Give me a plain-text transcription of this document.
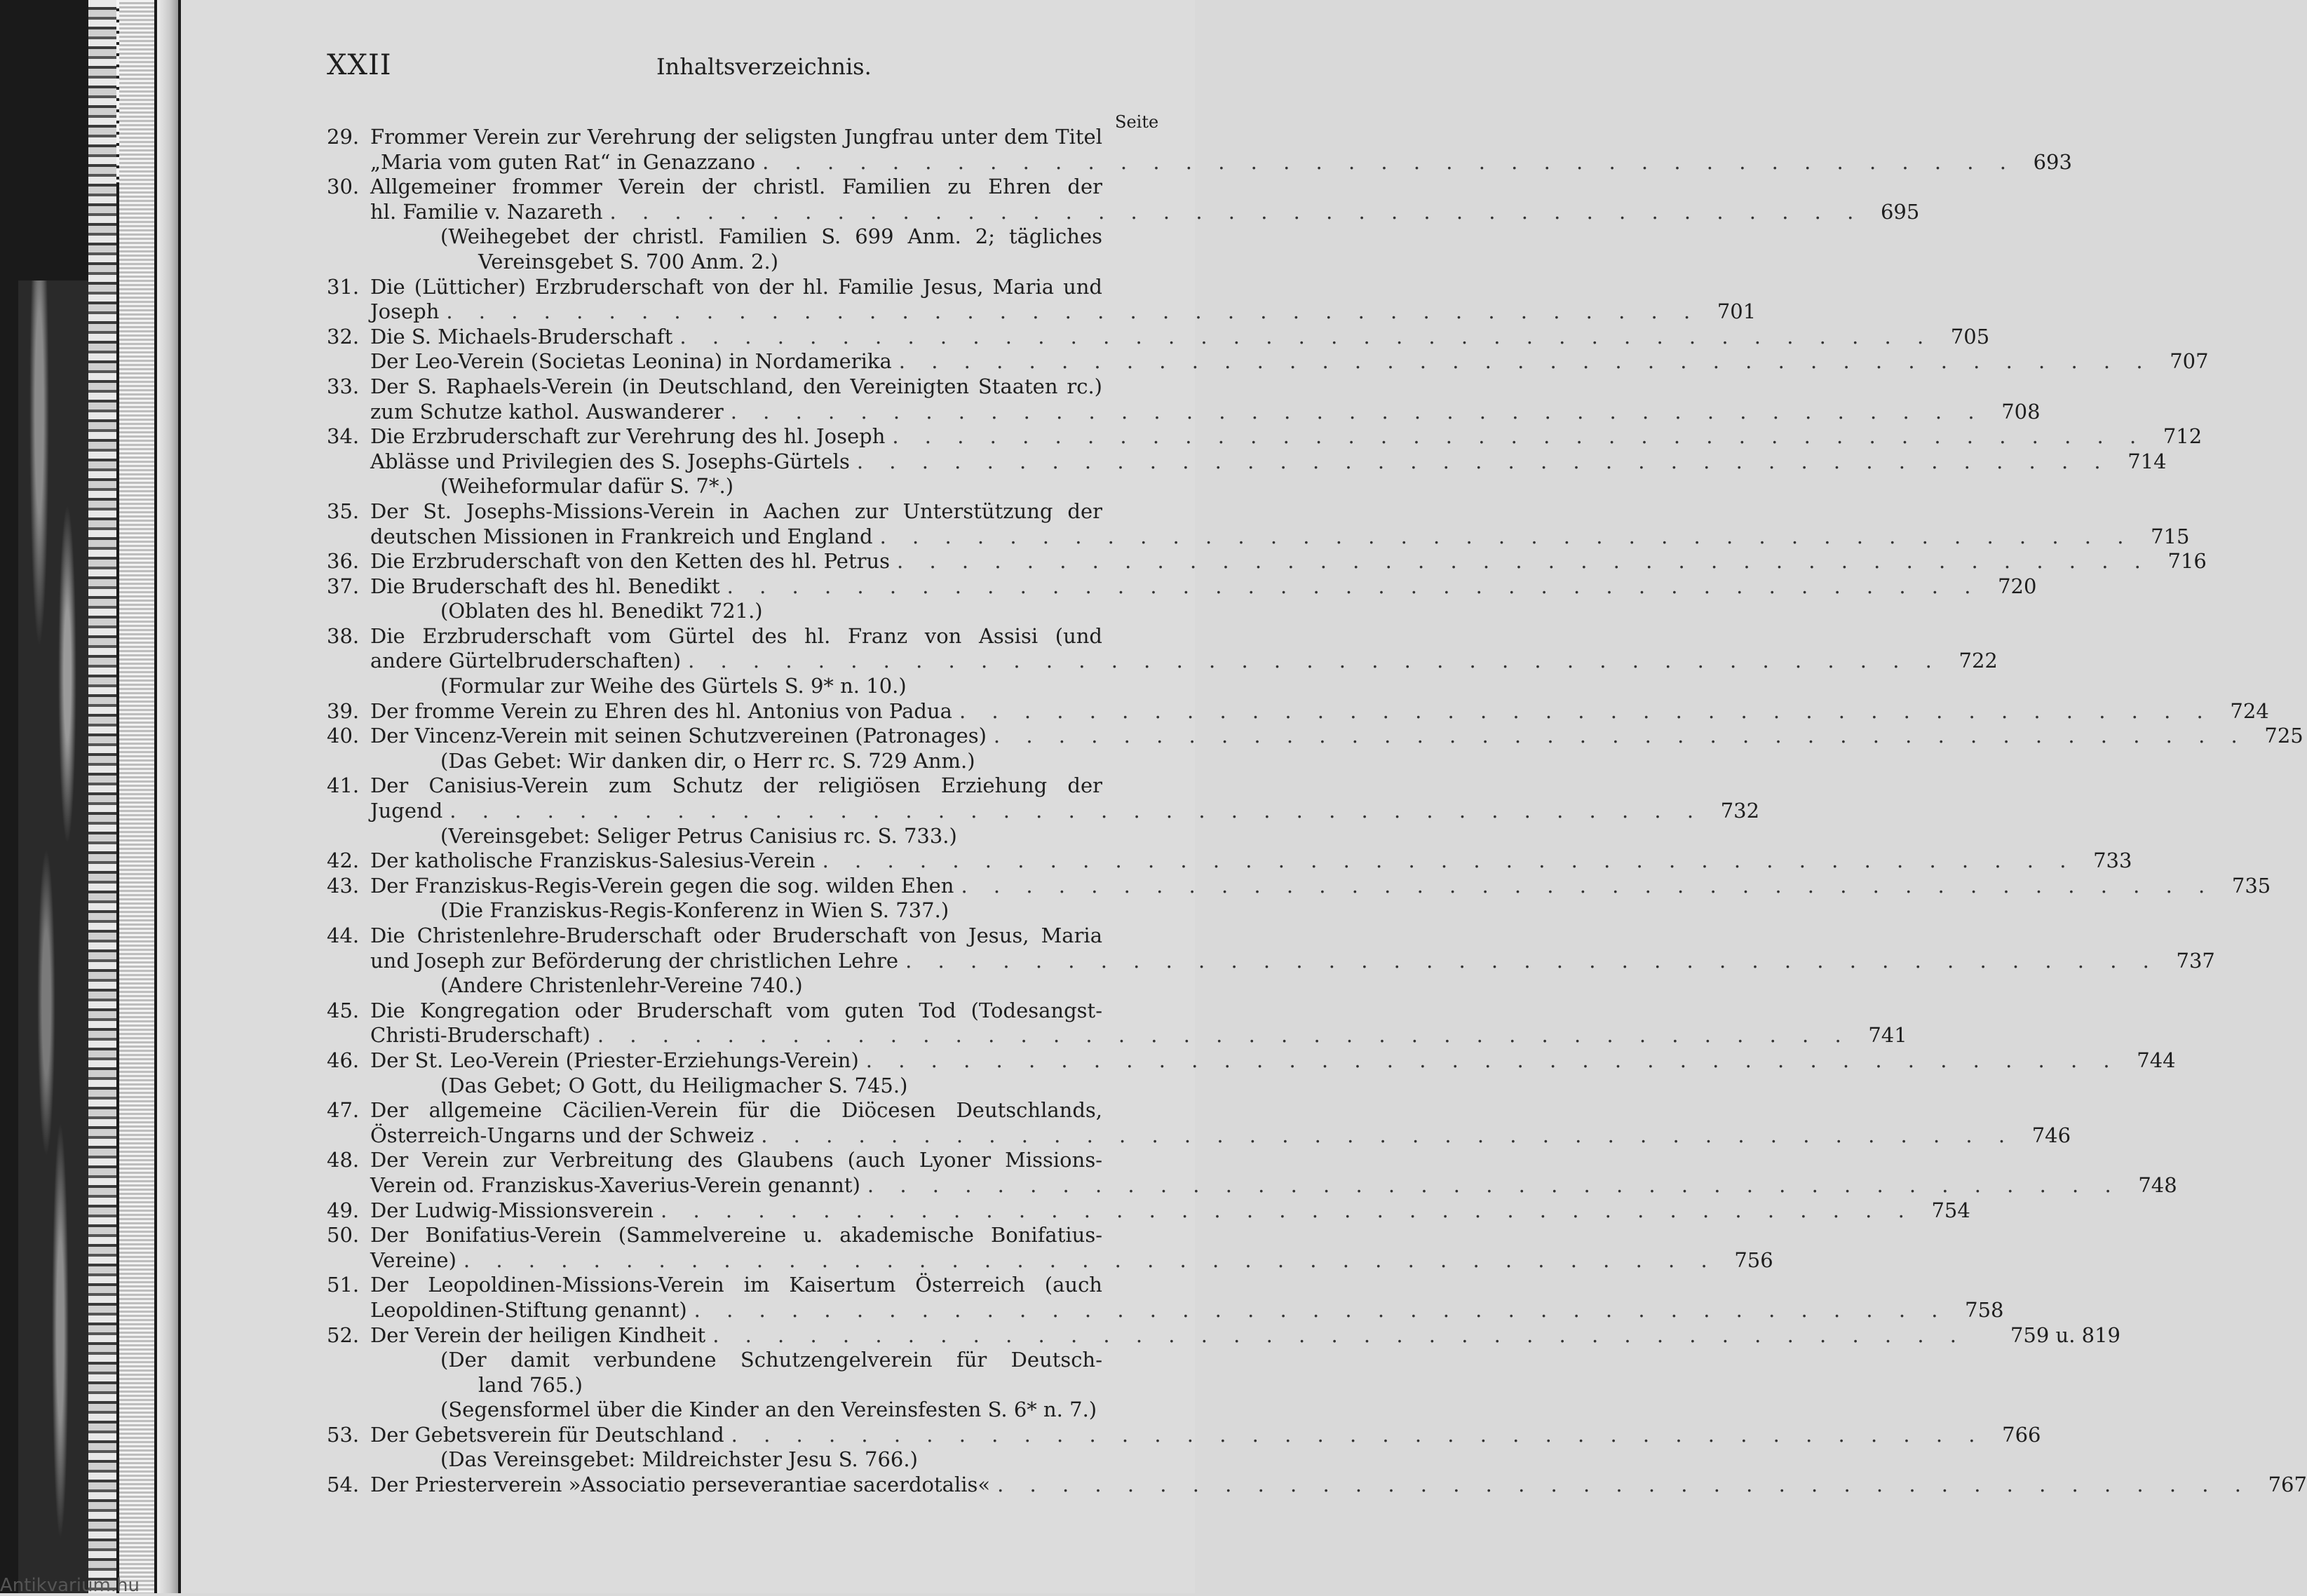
XXII	Inhaltsverzeichnis.
Seite
29. Frommer Verein zur Verehrung der seligsten Jungfrau unter dem Titel
„Maria vom guten Rat“ in Genazzano . . . . . . . . . . . . . . . . . . . . . . . . . . . . . . . . . . . . . . . 693
30. Allgemeiner frommer Verein der christl. Familien zu Ehren der
hl. Familie v. Nazareth . . . . . . . . . . . . . . . . . . . . . . . . . . . . . . . . . . . . . . . 695
(Weihegebet der christl. Familien S. 699 Anm. 2; tägliches
Vereinsgebet S. 700 Anm. 2.)
31. Die (Lütticher) Erzbruderschaft von der hl. Familie Jesus, Maria und
Joseph . . . . . . . . . . . . . . . . . . . . . . . . . . . . . . . . . . . . . . . 701
32. Die S. Michaels-Bruderschaft . . . . . . . . . . . . . . . . . . . . . . . . . . . . . . . . . . . . . . . 705
Der Leo-Verein (Societas Leonina) in Nordamerika . . . . . . . . . . . . . . . . . . . . . . . . . . . . . . . . . . . . . . . 707
33. Der S. Raphaels-Verein (in Deutschland, den Vereinigten Staaten rc.)
zum Schutze kathol. Auswanderer . . . . . . . . . . . . . . . . . . . . . . . . . . . . . . . . . . . . . . . 708
34. Die Erzbruderschaft zur Verehrung des hl. Joseph . . . . . . . . . . . . . . . . . . . . . . . . . . . . . . . . . . . . . . . 712
Ablässe und Privilegien des S. Josephs-Gürtels . . . . . . . . . . . . . . . . . . . . . . . . . . . . . . . . . . . . . . . 714
(Weiheformular dafür S. 7*.)
35. Der St. Josephs-Missions-Verein in Aachen zur Unterstützung der
deutschen Missionen in Frankreich und England . . . . . . . . . . . . . . . . . . . . . . . . . . . . . . . . . . . . . . . 715
36. Die Erzbruderschaft von den Ketten des hl. Petrus . . . . . . . . . . . . . . . . . . . . . . . . . . . . . . . . . . . . . . . 716
37. Die Bruderschaft des hl. Benedikt . . . . . . . . . . . . . . . . . . . . . . . . . . . . . . . . . . . . . . . 720
(Oblaten des hl. Benedikt 721.)
38. Die Erzbruderschaft vom Gürtel des hl. Franz von Assisi (und
andere Gürtelbruderschaften) . . . . . . . . . . . . . . . . . . . . . . . . . . . . . . . . . . . . . . . 722
(Formular zur Weihe des Gürtels S. 9* n. 10.)
39. Der fromme Verein zu Ehren des hl. Antonius von Padua . . . . . . . . . . . . . . . . . . . . . . . . . . . . . . . . . . . . . . . 724
40. Der Vincenz-Verein mit seinen Schutzvereinen (Patronages) . . . . . . . . . . . . . . . . . . . . . . . . . . . . . . . . . . . . . . . 725
(Das Gebet: Wir danken dir, o Herr rc. S. 729 Anm.)
41. Der Canisius-Verein zum Schutz der religiösen Erziehung der
Jugend . . . . . . . . . . . . . . . . . . . . . . . . . . . . . . . . . . . . . . . 732
(Vereinsgebet: Seliger Petrus Canisius rc. S. 733.)
42. Der katholische Franziskus-Salesius-Verein . . . . . . . . . . . . . . . . . . . . . . . . . . . . . . . . . . . . . . . 733
43. Der Franziskus-Regis-Verein gegen die sog. wilden Ehen . . . . . . . . . . . . . . . . . . . . . . . . . . . . . . . . . . . . . . . 735
(Die Franziskus-Regis-Konferenz in Wien S. 737.)
44. Die Christenlehre-Bruderschaft oder Bruderschaft von Jesus, Maria
und Joseph zur Beförderung der christlichen Lehre . . . . . . . . . . . . . . . . . . . . . . . . . . . . . . . . . . . . . . . 737
(Andere Christenlehr-Vereine 740.)
45. Die Kongregation oder Bruderschaft vom guten Tod (Todesangst-
Christi-Bruderschaft) . . . . . . . . . . . . . . . . . . . . . . . . . . . . . . . . . . . . . . . 741
46. Der St. Leo-Verein (Priester-Erziehungs-Verein) . . . . . . . . . . . . . . . . . . . . . . . . . . . . . . . . . . . . . . . 744
(Das Gebet; O Gott, du Heiligmacher S. 745.)
47. Der allgemeine Cäcilien-Verein für die Diöcesen Deutschlands,
Österreich-Ungarns und der Schweiz . . . . . . . . . . . . . . . . . . . . . . . . . . . . . . . . . . . . . . . 746
48. Der Verein zur Verbreitung des Glaubens (auch Lyoner Missions-
Verein od. Franziskus-Xaverius-Verein genannt) . . . . . . . . . . . . . . . . . . . . . . . . . . . . . . . . . . . . . . . 748
49. Der Ludwig-Missionsverein . . . . . . . . . . . . . . . . . . . . . . . . . . . . . . . . . . . . . . . 754
50. Der Bonifatius-Verein (Sammelvereine u. akademische Bonifatius-
Vereine) . . . . . . . . . . . . . . . . . . . . . . . . . . . . . . . . . . . . . . . 756
51. Der Leopoldinen-Missions-Verein im Kaisertum Österreich (auch
Leopoldinen-Stiftung genannt) . . . . . . . . . . . . . . . . . . . . . . . . . . . . . . . . . . . . . . . 758
52. Der Verein der heiligen Kindheit . . . . . . . . . . . . . . . . . . . . . . . . . . . . . . . . . . . . . . .	759 u. 819
(Der damit verbundene Schutzengelverein für Deutsch-
land 765.)
(Segensformel über die Kinder an den Vereinsfesten S. 6* n. 7.)
53. Der Gebetsverein für Deutschland . . . . . . . . . . . . . . . . . . . . . . . . . . . . . . . . . . . . . . . 766
(Das Vereinsgebet: Mildreichster Jesu S. 766.)
54. Der Priesterverein »Associatio perseverantiae sacerdotalis« . . . . . . . . . . . . . . . . . . . . . . . . . . . . . . . . . . . . . . . 767
Antikvarium.hu
